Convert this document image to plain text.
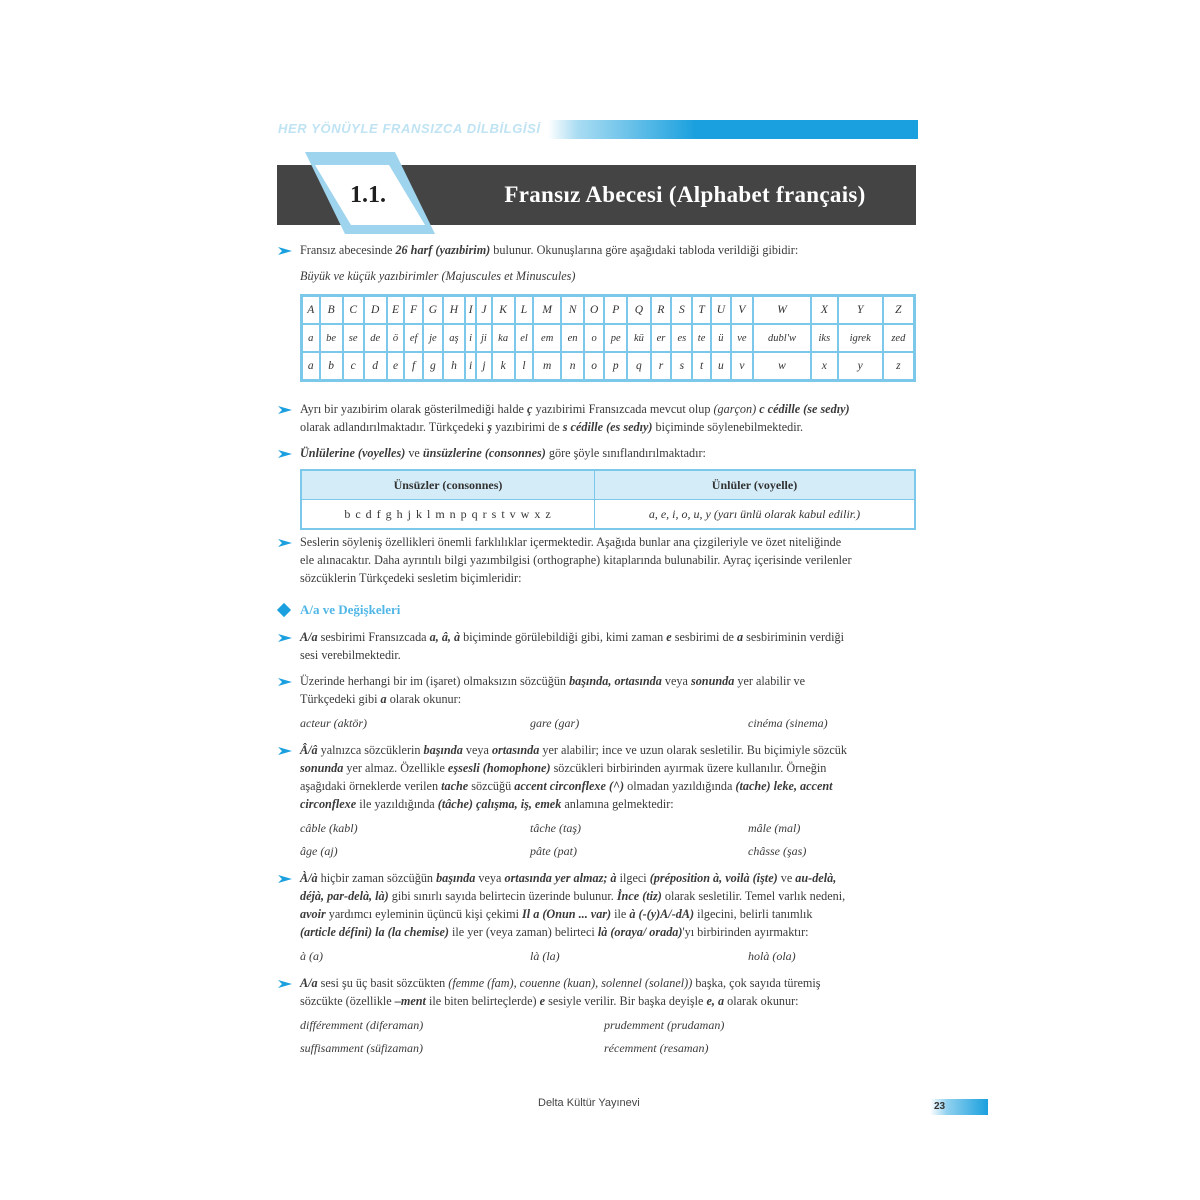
HER YÖNÜYLE FRANSIZCA DİLBİLGİSİ
1.1.	Fransız Abecesi (Alphabet français)
Fransız abecesinde 26 harf (yazıbirim) bulunur. Okunuşlarına göre aşağıdaki tabloda verildiği gibidir:
Büyük ve küçük yazıbirimler (Majuscules et Minuscules)
A	B	C	D	E	F	G	H	I	J	K	L	M	N	O	P	Q	R	S	T	U	V	W	X	Y	Z
a	be	se	de	ö	ef	je	aş	i	ji	ka	el	em	en	o	pe	kü	er	es	te	ü	ve	dubl'w	iks	igrek	zed
a	b	c	d	e	f	g	h	i	j	k	l	m	n	o	p	q	r	s	t	u	v	w	x	y	z
Ayrı bir yazıbirim olarak gösterilmediği halde ç yazıbirimi Fransızcada mevcut olup (garçon) c cédille (se sedıy)
olarak adlandırılmaktadır. Türkçedeki ş yazıbirimi de s cédille (es sedıy) biçiminde söylenebilmektedir.
Ünlülerine (voyelles) ve ünsüzlerine (consonnes) göre şöyle sınıflandırılmaktadır:
Ünsüzler (consonnes)	Ünlüler (voyelle)
b c d f g h j k l m n p q r s t v w x z	a, e, i, o, u, y (yarı ünlü olarak kabul edilir.)
Seslerin söyleniş özellikleri önemli farklılıklar içermektedir. Aşağıda bunlar ana çizgileriyle ve özet niteliğinde
ele alınacaktır. Daha ayrıntılı bilgi yazımbilgisi (orthographe) kitaplarında bulunabilir. Ayraç içerisinde verilenler
sözcüklerin Türkçedeki sesletim biçimleridir:
A/a ve Değişkeleri
A/a sesbirimi Fransızcada a, â, à biçiminde görülebildiği gibi, kimi zaman e sesbirimi de a sesbiriminin verdiği
sesi verebilmektedir.
Üzerinde herhangi bir im (işaret) olmaksızın sözcüğün başında, ortasında veya sonunda yer alabilir ve
Türkçedeki gibi a olarak okunur:
acteur (aktör)	gare (gar)	cinéma (sinema)
Â/â yalnızca sözcüklerin başında veya ortasında yer alabilir; ince ve uzun olarak sesletilir. Bu biçimiyle sözcük
sonunda yer almaz. Özellikle eşsesli (homophone) sözcükleri birbirinden ayırmak üzere kullanılır. Örneğin
aşağıdaki örneklerde verilen tache sözcüğü accent circonflexe (^) olmadan yazıldığında (tache) leke, accent
circonflexe ile yazıldığında (tâche) çalışma, iş, emek anlamına gelmektedir:
câble (kabl)	tâche (taş)	mâle (mal)
âge (aj)	pâte (pat)	châsse (şas)
À/à hiçbir zaman sözcüğün başında veya ortasında yer almaz; à ilgeci (préposition à, voilà (işte) ve au-delà,
déjà, par-delà, là) gibi sınırlı sayıda belirtecin üzerinde bulunur. İnce (tiz) olarak sesletilir. Temel varlık nedeni,
avoir yardımcı eyleminin üçüncü kişi çekimi Il a (Onun ... var) ile à (-(y)A/-dA) ilgecini, belirli tanımlık
(article défini) la (la chemise) ile yer (veya zaman) belirteci là (oraya/ orada)'yı birbirinden ayırmaktır:
à (a)	là (la)	holà (ola)
A/a sesi şu üç basit sözcükten (femme (fam), couenne (kuan), solennel (solanel)) başka, çok sayıda türemiş
sözcükte (özellikle –ment ile biten belirteçlerde) e sesiyle verilir. Bir başka deyişle e, a olarak okunur:
différemment (diferaman)	prudemment (prudaman)
suffisamment (süfizaman)	récemment (resaman)
Delta Kültür Yayınevi	23
